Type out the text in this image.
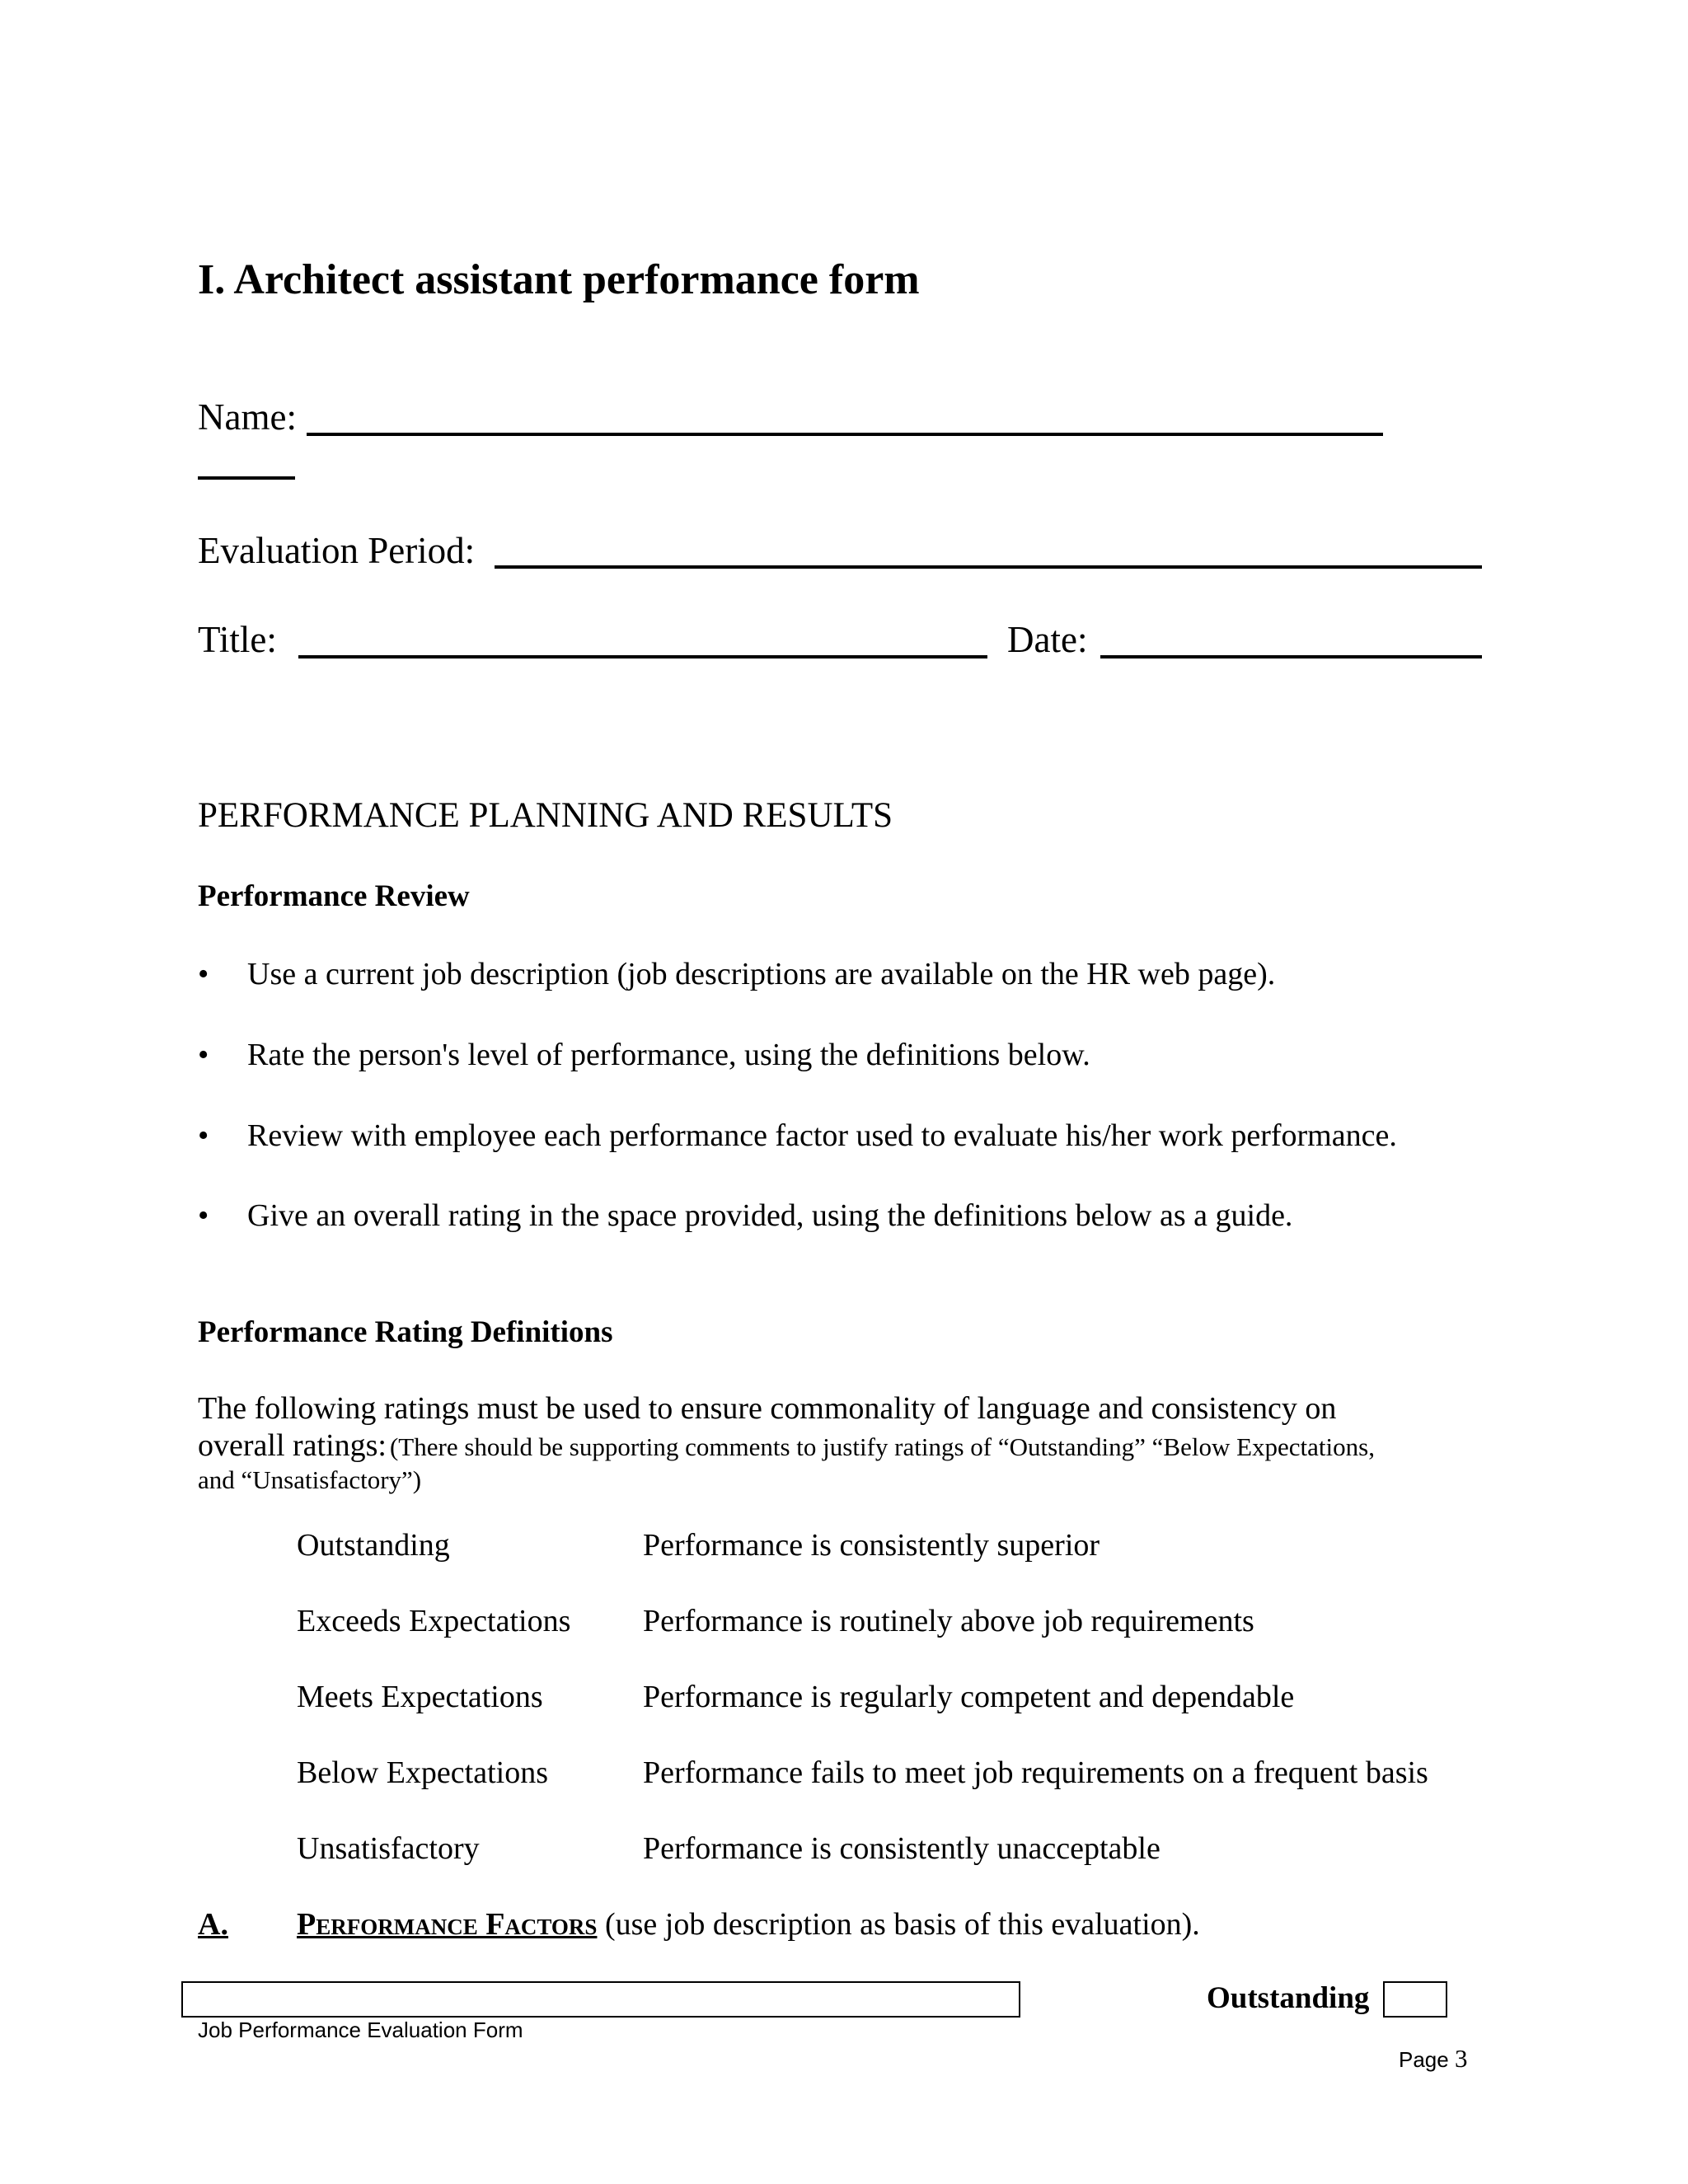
I. Architect assistant performance form
Name:
Evaluation Period:
Title:	Date:
PERFORMANCE PLANNING AND RESULTS
Performance Review
• Use a current job description (job descriptions are available on the HR web page).
• Rate the person's level of performance, using the definitions below.
• Review with employee each performance factor used to evaluate his/her work performance.
• Give an overall rating in the space provided, using the definitions below as a guide.
Performance Rating Definitions
The following ratings must be used to ensure commonality of language and consistency on
overall ratings: (There should be supporting comments to justify ratings of “Outstanding” “Below Expectations,
and “Unsatisfactory”)
Outstanding	Performance is consistently superior
Exceeds Expectations Performance is routinely above job requirements
Meets Expectations	Performance is regularly competent and dependable
Below Expectations	Performance fails to meet job requirements on a frequent basis
Unsatisfactory	Performance is consistently unacceptable
A. Performance Factors (use job description as basis of this evaluation).
Outstanding
Job Performance Evaluation Form
Page 3
